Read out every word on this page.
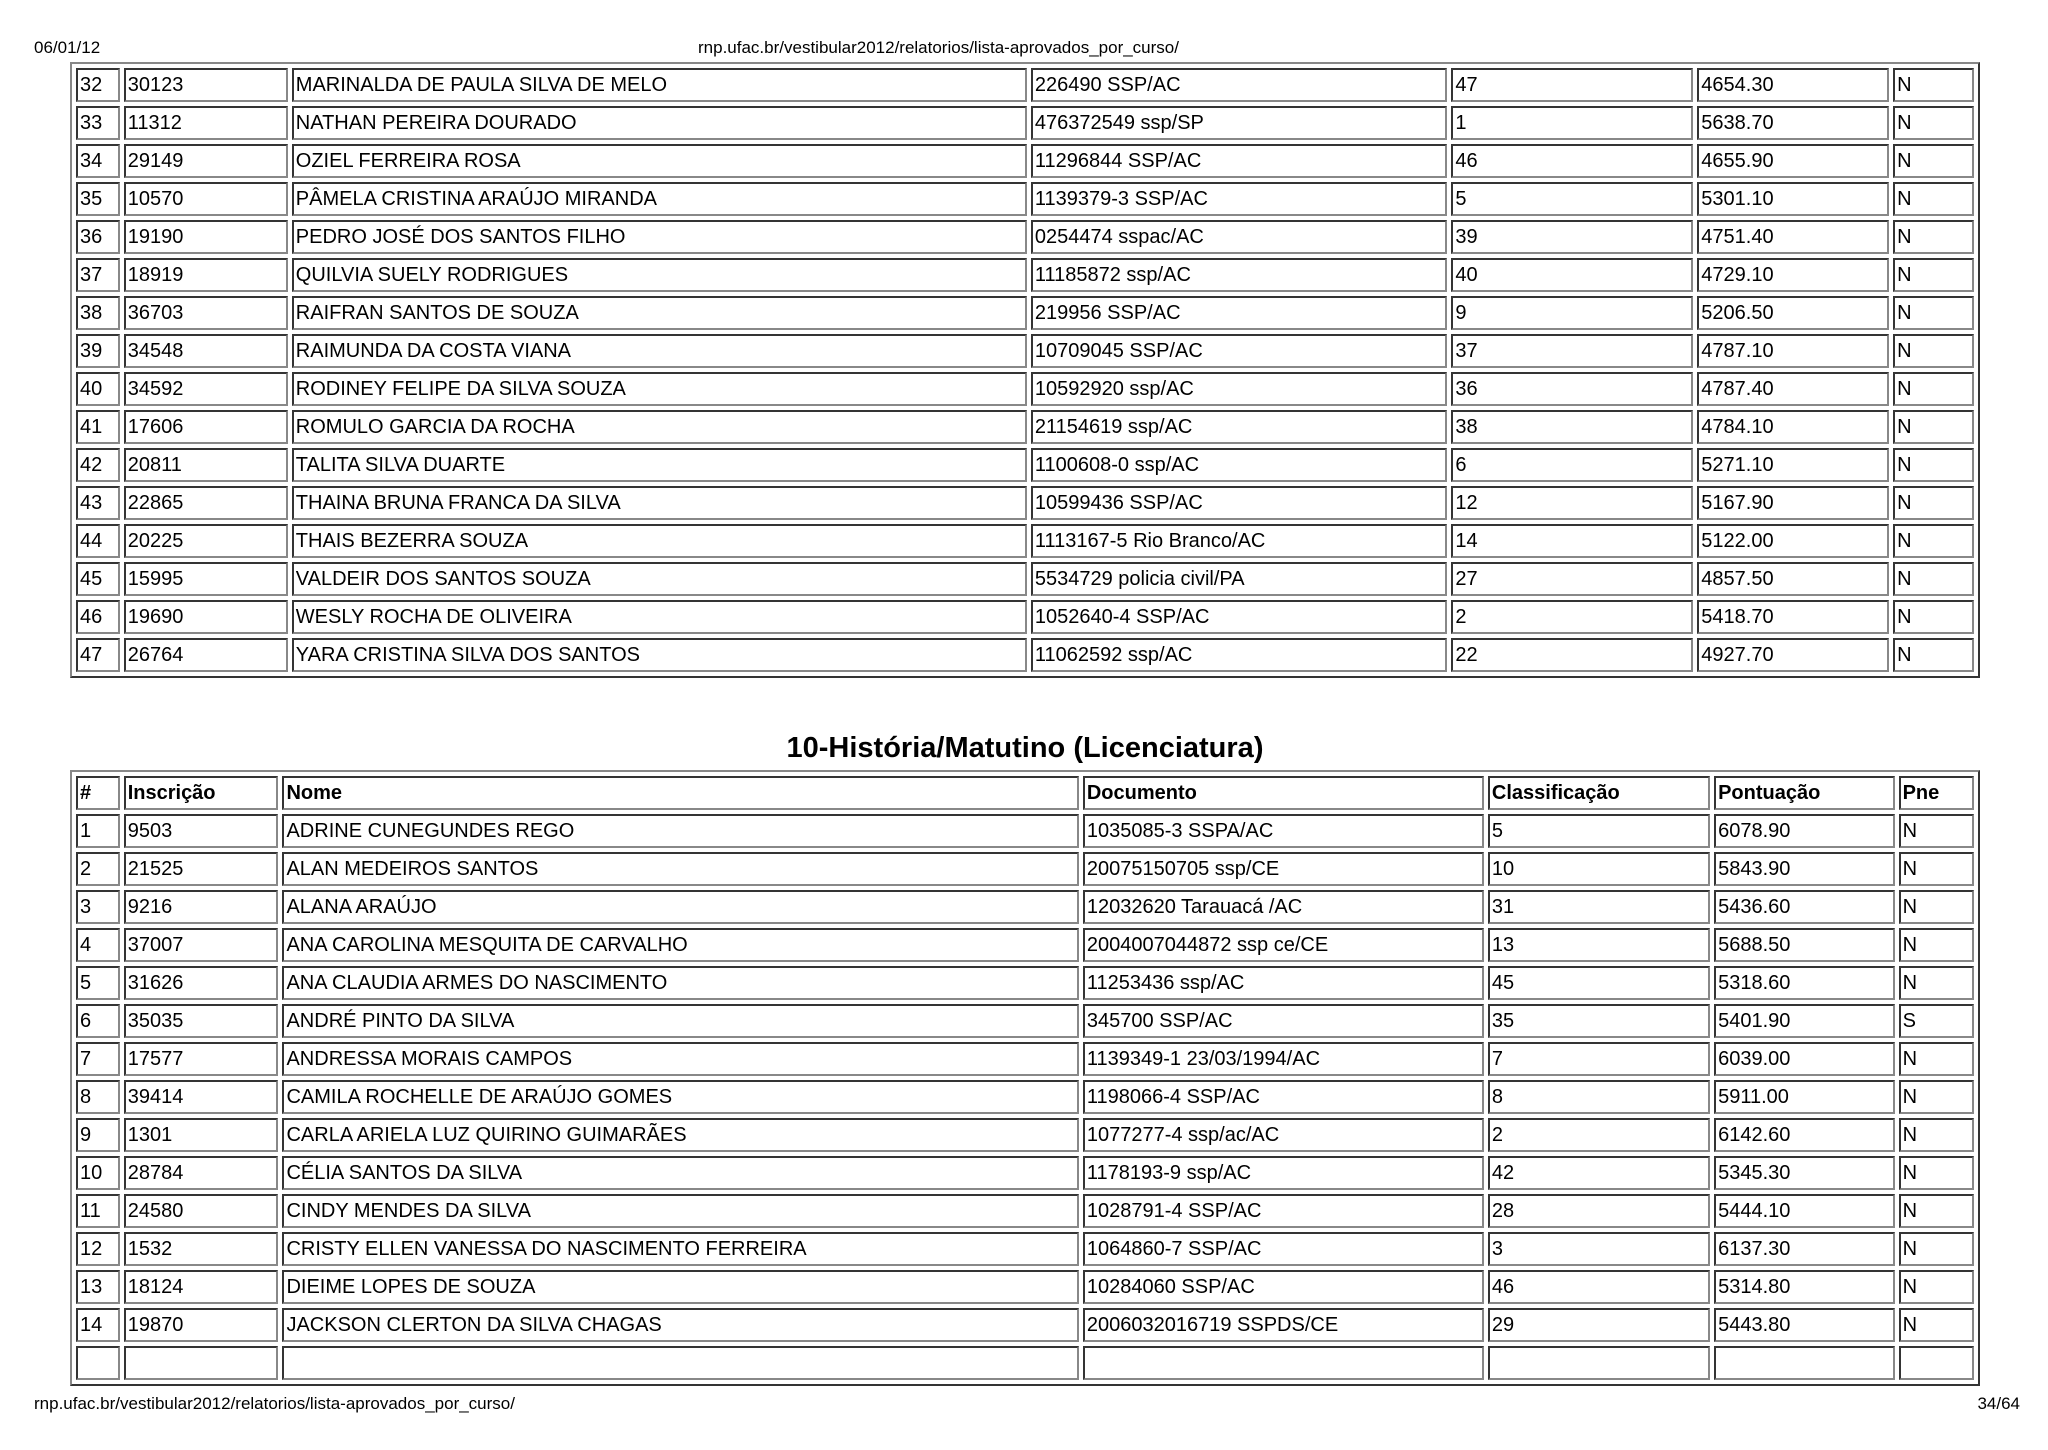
06/01/12	rnp.ufac.br/vestibular2012/relatorios/lista-aprovados_por_curso/
32	30123	MARINALDA DE PAULA SILVA DE MELO	226490 SSP/AC	47	4654.30	N
33	11312	NATHAN PEREIRA DOURADO	476372549 ssp/SP	1	5638.70	N
34	29149	OZIEL FERREIRA ROSA	11296844 SSP/AC	46	4655.90	N
35	10570	PÂMELA CRISTINA ARAÚJO MIRANDA	1139379-3 SSP/AC	5	5301.10	N
36	19190	PEDRO JOSÉ DOS SANTOS FILHO	0254474 sspac/AC	39	4751.40	N
37	18919	QUILVIA SUELY RODRIGUES	11185872 ssp/AC	40	4729.10	N
38	36703	RAIFRAN SANTOS DE SOUZA	219956 SSP/AC	9	5206.50	N
39	34548	RAIMUNDA DA COSTA VIANA	10709045 SSP/AC	37	4787.10	N
40	34592	RODINEY FELIPE DA SILVA SOUZA	10592920 ssp/AC	36	4787.40	N
41	17606	ROMULO GARCIA DA ROCHA	21154619 ssp/AC	38	4784.10	N
42	20811	TALITA SILVA DUARTE	1100608-0 ssp/AC	6	5271.10	N
43	22865	THAINA BRUNA FRANCA DA SILVA	10599436 SSP/AC	12	5167.90	N
44	20225	THAIS BEZERRA SOUZA	1113167-5 Rio Branco/AC	14	5122.00	N
45	15995	VALDEIR DOS SANTOS SOUZA	5534729 policia civil/PA	27	4857.50	N
46	19690	WESLY ROCHA DE OLIVEIRA	1052640-4 SSP/AC	2	5418.70	N
47	26764	YARA CRISTINA SILVA DOS SANTOS	11062592 ssp/AC	22	4927.70	N
10-História/Matutino (Licenciatura)
#	Inscrição	Nome	Documento	Classificação	Pontuação	Pne
1	9503	ADRINE CUNEGUNDES REGO	1035085-3 SSPA/AC	5	6078.90	N
2	21525	ALAN MEDEIROS SANTOS	20075150705 ssp/CE	10	5843.90	N
3	9216	ALANA ARAÚJO	12032620 Tarauacá /AC	31	5436.60	N
4	37007	ANA CAROLINA MESQUITA DE CARVALHO	2004007044872 ssp ce/CE	13	5688.50	N
5	31626	ANA CLAUDIA ARMES DO NASCIMENTO	11253436 ssp/AC	45	5318.60	N
6	35035	ANDRÉ PINTO DA SILVA	345700 SSP/AC	35	5401.90	S
7	17577	ANDRESSA MORAIS CAMPOS	1139349-1 23/03/1994/AC	7	6039.00	N
8	39414	CAMILA ROCHELLE DE ARAÚJO GOMES	1198066-4 SSP/AC	8	5911.00	N
9	1301	CARLA ARIELA LUZ QUIRINO GUIMARÃES	1077277-4 ssp/ac/AC	2	6142.60	N
10	28784	CÉLIA SANTOS DA SILVA	1178193-9 ssp/AC	42	5345.30	N
11	24580	CINDY MENDES DA SILVA	1028791-4 SSP/AC	28	5444.10	N
12	1532	CRISTY ELLEN VANESSA DO NASCIMENTO FERREIRA	1064860-7 SSP/AC	3	6137.30	N
13	18124	DIEIME LOPES DE SOUZA	10284060 SSP/AC	46	5314.80	N
14	19870	JACKSON CLERTON DA SILVA CHAGAS	2006032016719 SSPDS/CE	29	5443.80	N

rnp.ufac.br/vestibular2012/relatorios/lista-aprovados_por_curso/	34/64
